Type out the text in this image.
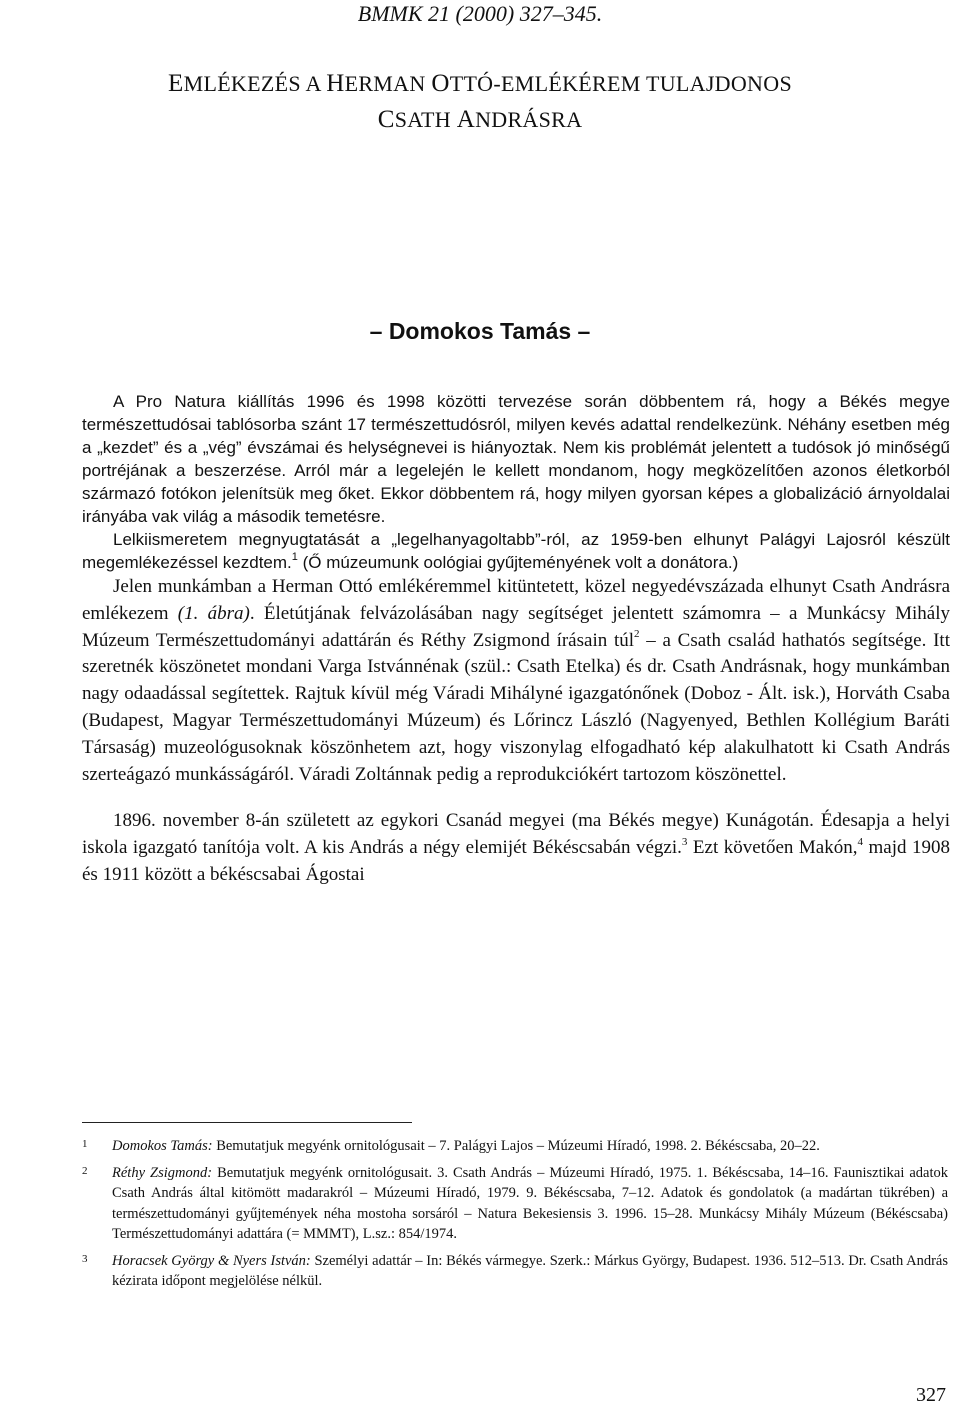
BMMK 21 (2000) 327–345.
EMLÉKEZÉS A HERMAN OTTÓ-EMLÉKÉREM TULAJDONOS
CSATH ANDRÁSRA
– Domokos Tamás –

A Pro Natura kiállítás 1996 és 1998 közötti tervezése során döbbentem rá, hogy a Békés megye természettudósai tablósorba szánt 17 természettudósról, milyen kevés adattal rendelkezünk. Néhány esetben még a „kezdet” és a „vég” évszámai és helységnevei is hiányoztak. Nem kis problémát jelentett a tudósok jó minőségű portréjának a beszerzése. Arról már a legelején le kellett mondanom, hogy megközelítően azonos életkorból származó fotókon jelenítsük meg őket. Ekkor döbbentem rá, hogy milyen gyorsan képes a globalizáció árnyoldalai irányába vak világ a második temetésre.

Lelkiismeretem megnyugtatását a „legelhanyagoltabb”-ról, az 1959-ben elhunyt Palágyi Lajosról készült megemlékezéssel kezdtem.$^1$ (Ő múzeumunk oológiai gyűjteményének volt a donátora.)

Jelen munkámban a Herman Ottó emlékéremmel kitüntetett, közel negyedévszázada elhunyt Csath Andrásra emlékezem (1. ábra). Életútjának felvázolásában nagy segítséget jelentett számomra – a Munkácsy Mihály Múzeum Természettudományi adattárán és Réthy Zsigmond írásain túl$^2$ – a Csath család hathatós segítsége. Itt szeretnék köszönetet mondani Varga Istvánnénak (szül.: Csath Etelka) és dr. Csath Andrásnak, hogy munkámban nagy odaadással segítettek. Rajtuk kívül még Váradi Mihályné igazgatónőnek (Doboz - Ált. isk.), Horváth Csaba (Budapest, Magyar Természettudományi Múzeum) és Lőrincz László (Nagyenyed, Bethlen Kollégium Baráti Társaság) muzeológusoknak köszönhetem azt, hogy viszonylag elfogadható kép alakulhatott ki Csath András szerteágazó munkásságáról. Váradi Zoltánnak pedig a reprodukciókért tartozom köszönettel.

1896. november 8-án született az egykori Csanád megyei (ma Békés megye) Kunágotán. Édesapja a helyi iskola igazgató tanítója volt. A kis András a négy elemijét Békéscsabán végzi.$^3$ Ezt követően Makón,$^4$ majd 1908 és 1911 között a békéscsabai Ágostai

1	Domokos Tamás: Bemutatjuk megyénk ornitológusait – 7. Palágyi Lajos – Múzeumi Híradó, 1998. 2. Békéscsaba, 20–22.
2	Réthy Zsigmond: Bemutatjuk megyénk ornitológusait. 3. Csath András – Múzeumi Híradó, 1975. 1. Békéscsaba, 14–16. Faunisztikai adatok Csath András által kitömött madarakról – Múzeumi Híradó, 1979. 9. Békéscsaba, 7–12. Adatok és gondolatok (a madártan tükrében) a természettudományi gyűjtemények néha mostoha sorsáról – Natura Bekesiensis 3. 1996. 15–28. Munkácsy Mihály Múzeum (Békéscsaba) Természettudományi adattára (= MMMT), L.sz.: 854/1974.
3	Horacsek György & Nyers István: Személyi adattár – In: Békés vármegye. Szerk.: Márkus György, Budapest. 1936. 512–513. Dr. Csath András kézirata időpont megjelölése nélkül.
327
